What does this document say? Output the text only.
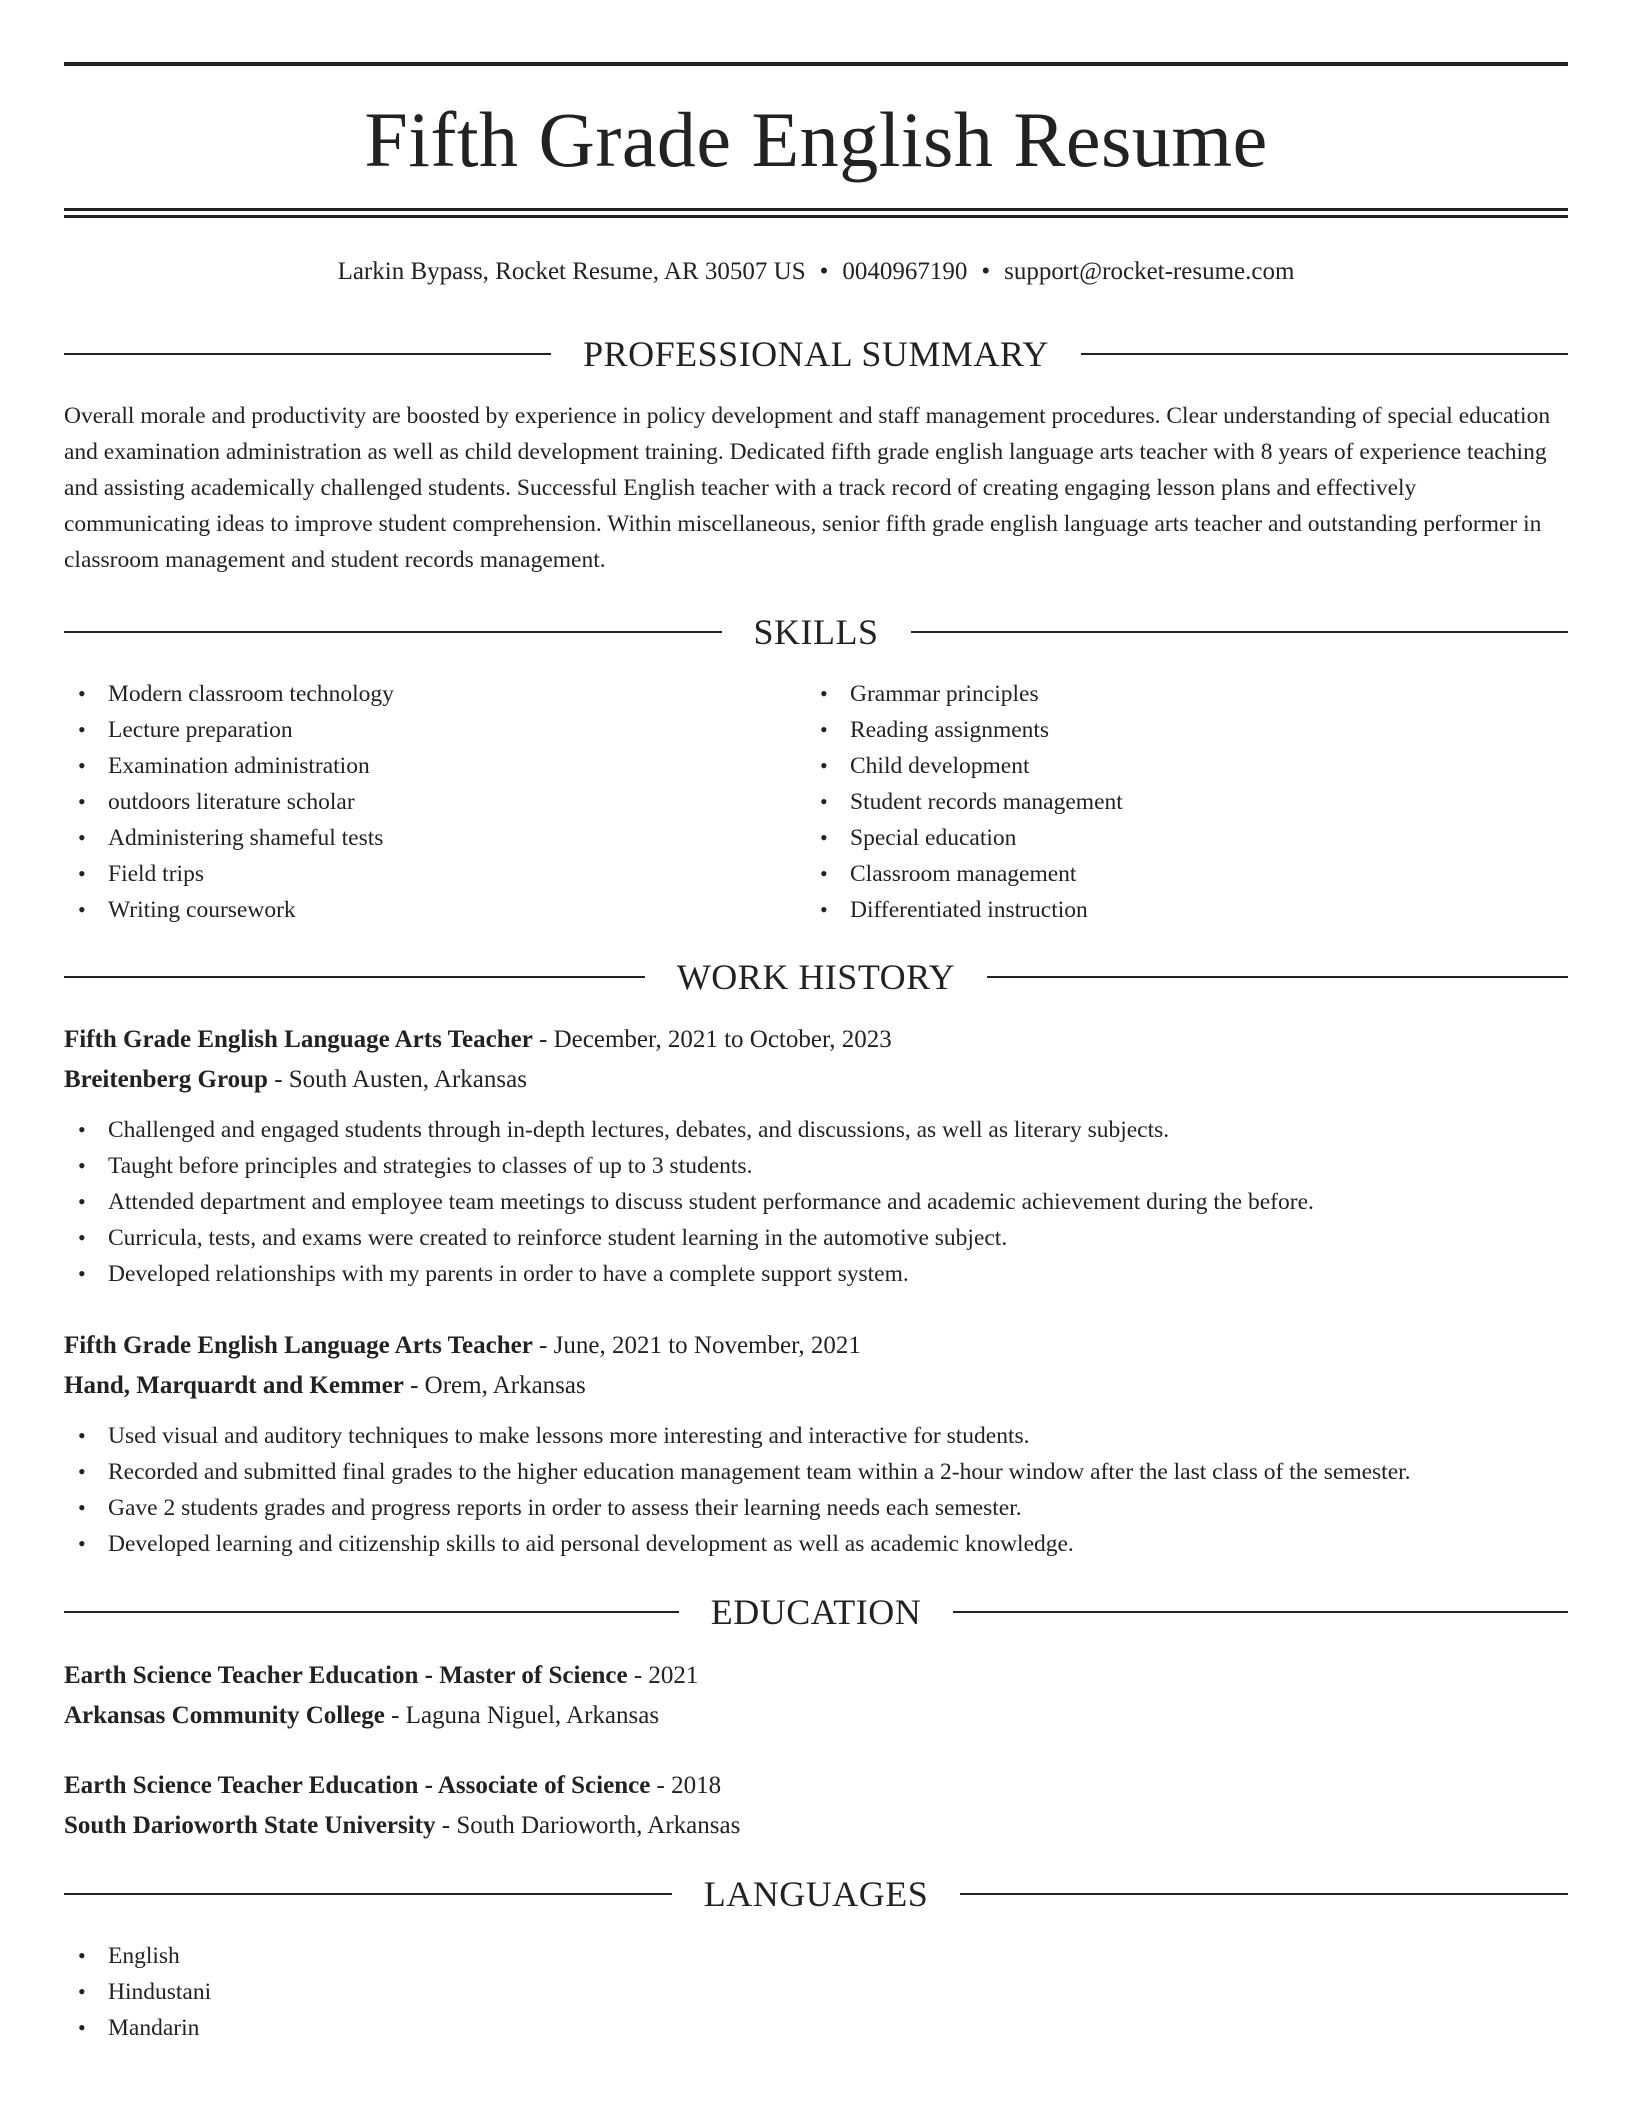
Fifth Grade English Resume
Larkin Bypass, Rocket Resume, AR 30507 US • 0040967190 • support@rocket-resume.com
PROFESSIONAL SUMMARY

Overall morale and productivity are boosted by experience in policy development and staff management procedures. Clear understanding of special education and examination administration as well as child development training. Dedicated fifth grade english language arts teacher with 8 years of experience teaching and assisting academically challenged students. Successful English teacher with a track record of creating engaging lesson plans and effectively communicating ideas to improve student comprehension. Within miscellaneous, senior fifth grade english language arts teacher and outstanding performer in classroom management and student records management.

SKILLS
• Modern classroom technology
• Lecture preparation
• Examination administration
• outdoors literature scholar
• Administering shameful tests
• Field trips
• Writing coursework
• Grammar principles
• Reading assignments
• Child development
• Student records management
• Special education
• Classroom management
• Differentiated instruction
WORK HISTORY
Fifth Grade English Language Arts Teacher - December, 2021 to October, 2023
Breitenberg Group - South Austen, Arkansas
• Challenged and engaged students through in-depth lectures, debates, and discussions, as well as literary subjects.
• Taught before principles and strategies to classes of up to 3 students.
• Attended department and employee team meetings to discuss student performance and academic achievement during the before.
• Curricula, tests, and exams were created to reinforce student learning in the automotive subject.
• Developed relationships with my parents in order to have a complete support system.
Fifth Grade English Language Arts Teacher - June, 2021 to November, 2021
Hand, Marquardt and Kemmer - Orem, Arkansas
• Used visual and auditory techniques to make lessons more interesting and interactive for students.
• Recorded and submitted final grades to the higher education management team within a 2-hour window after the last class of the semester.
• Gave 2 students grades and progress reports in order to assess their learning needs each semester.
• Developed learning and citizenship skills to aid personal development as well as academic knowledge.
EDUCATION
Earth Science Teacher Education - Master of Science - 2021
Arkansas Community College - Laguna Niguel, Arkansas
Earth Science Teacher Education - Associate of Science - 2018
South Darioworth State University - South Darioworth, Arkansas
LANGUAGES
• English
• Hindustani
• Mandarin
